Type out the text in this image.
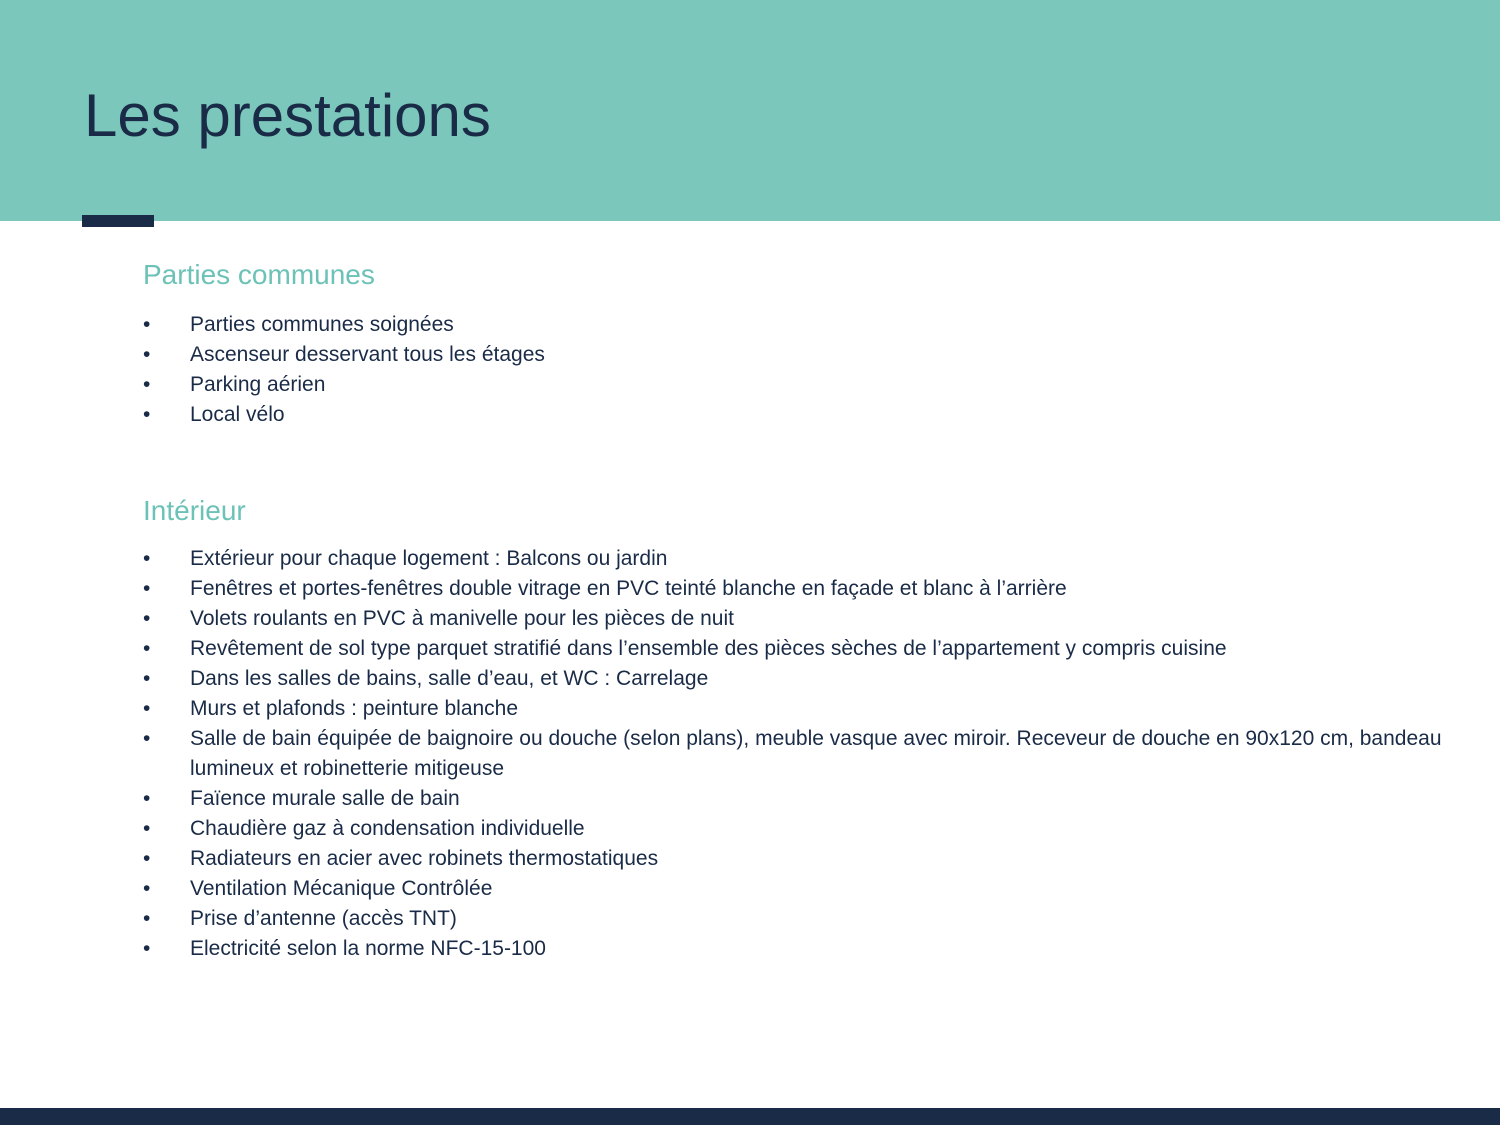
Les prestations
Parties communes
•	Parties communes soignées
•	Ascenseur desservant tous les étages
•	Parking aérien
•	Local vélo
Intérieur
•	Extérieur pour chaque logement : Balcons ou jardin
•	Fenêtres et portes-fenêtres double vitrage en PVC teinté blanche en façade et blanc à l’arrière
•	Volets roulants en PVC à manivelle pour les pièces de nuit
•	Revêtement de sol type parquet stratifié dans l’ensemble des pièces sèches de l’appartement y compris cuisine
•	Dans les salles de bains, salle d’eau, et WC : Carrelage
•	Murs et plafonds : peinture blanche
•	Salle de bain équipée de baignoire ou douche (selon plans), meuble vasque avec miroir. Receveur de douche en 90x120 cm, bandeau lumineux et robinetterie mitigeuse
•	Faïence murale salle de bain
•	Chaudière gaz à condensation individuelle
•	Radiateurs en acier avec robinets thermostatiques
•	Ventilation Mécanique Contrôlée
•	Prise d’antenne (accès TNT)
•	Electricité selon la norme NFC-15-100
